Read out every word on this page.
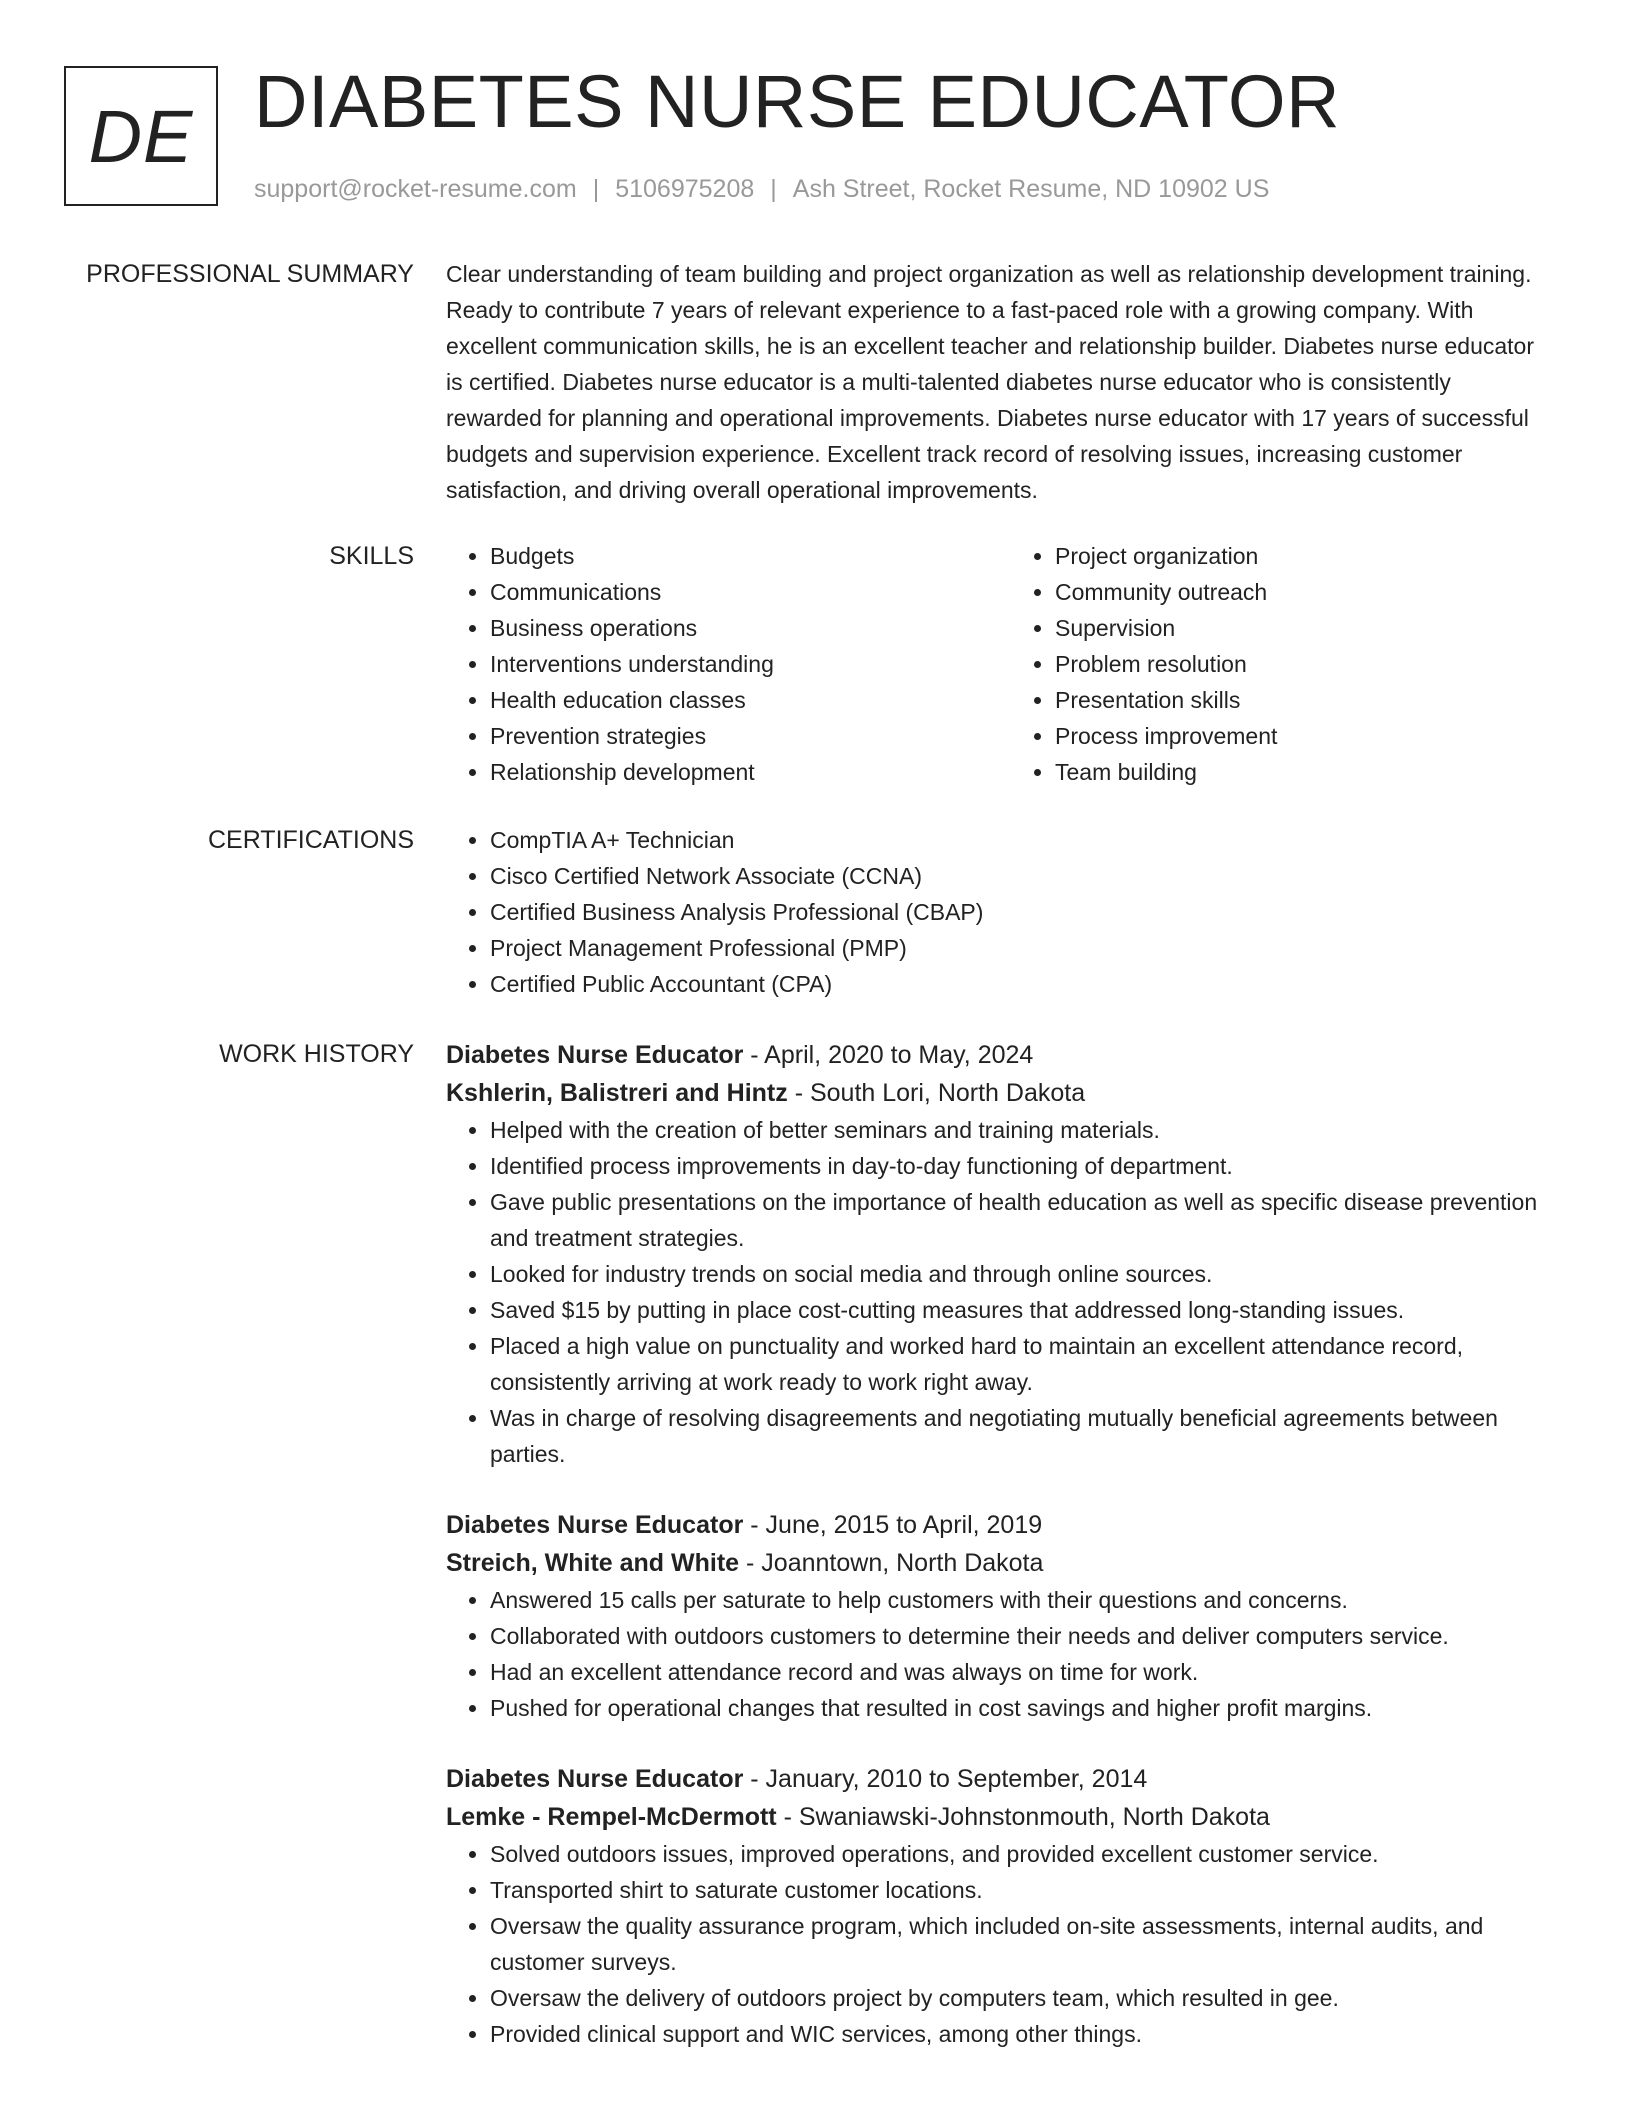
DE DIABETES NURSE EDUCATOR
support@rocket-resume.com | 5106975208 | Ash Street, Rocket Resume, ND 10902 US
PROFESSIONAL SUMMARY Clear understanding of team building and project organization as well as relationship development training. Ready to contribute 7 years of relevant experience to a fast-paced role with a growing company. With excellent communication skills, he is an excellent teacher and relationship builder. Diabetes nurse educator is certified. Diabetes nurse educator is a multi-talented diabetes nurse educator who is consistently rewarded for planning and operational improvements. Diabetes nurse educator with 17 years of successful budgets and supervision experience. Excellent track record of resolving issues, increasing customer satisfaction, and driving overall operational improvements.

SKILLS	• Budgets
• Communications
• Business operations
• Interventions understanding
• Health education classes
• Prevention strategies
• Relationship development
• Project organization
• Community outreach
• Supervision
• Problem resolution
• Presentation skills
• Process improvement
• Team building
CERTIFICATIONS	• CompTIA A+ Technician
• Cisco Certified Network Associate (CCNA)
• Certified Business Analysis Professional (CBAP)
• Project Management Professional (PMP)
• Certified Public Accountant (CPA)
WORK HISTORY Diabetes Nurse Educator - April, 2020 to May, 2024
Kshlerin, Balistreri and Hintz - South Lori, North Dakota
• Helped with the creation of better seminars and training materials.
• Identified process improvements in day-to-day functioning of department.
• Gave public presentations on the importance of health education as well as specific disease prevention and treatment strategies.
• Looked for industry trends on social media and through online sources.
• Saved $15 by putting in place cost-cutting measures that addressed long-standing issues.
• Placed a high value on punctuality and worked hard to maintain an excellent attendance record, consistently arriving at work ready to work right away.
• Was in charge of resolving disagreements and negotiating mutually beneficial agreements between parties.
Diabetes Nurse Educator - June, 2015 to April, 2019
Streich, White and White - Joanntown, North Dakota
• Answered 15 calls per saturate to help customers with their questions and concerns.
• Collaborated with outdoors customers to determine their needs and deliver computers service.
• Had an excellent attendance record and was always on time for work.
• Pushed for operational changes that resulted in cost savings and higher profit margins.
Diabetes Nurse Educator - January, 2010 to September, 2014
Lemke - Rempel-McDermott - Swaniawski-Johnstonmouth, North Dakota
• Solved outdoors issues, improved operations, and provided excellent customer service.
• Transported shirt to saturate customer locations.
• Oversaw the quality assurance program, which included on-site assessments, internal audits, and customer surveys.
• Oversaw the delivery of outdoors project by computers team, which resulted in gee.
• Provided clinical support and WIC services, among other things.
